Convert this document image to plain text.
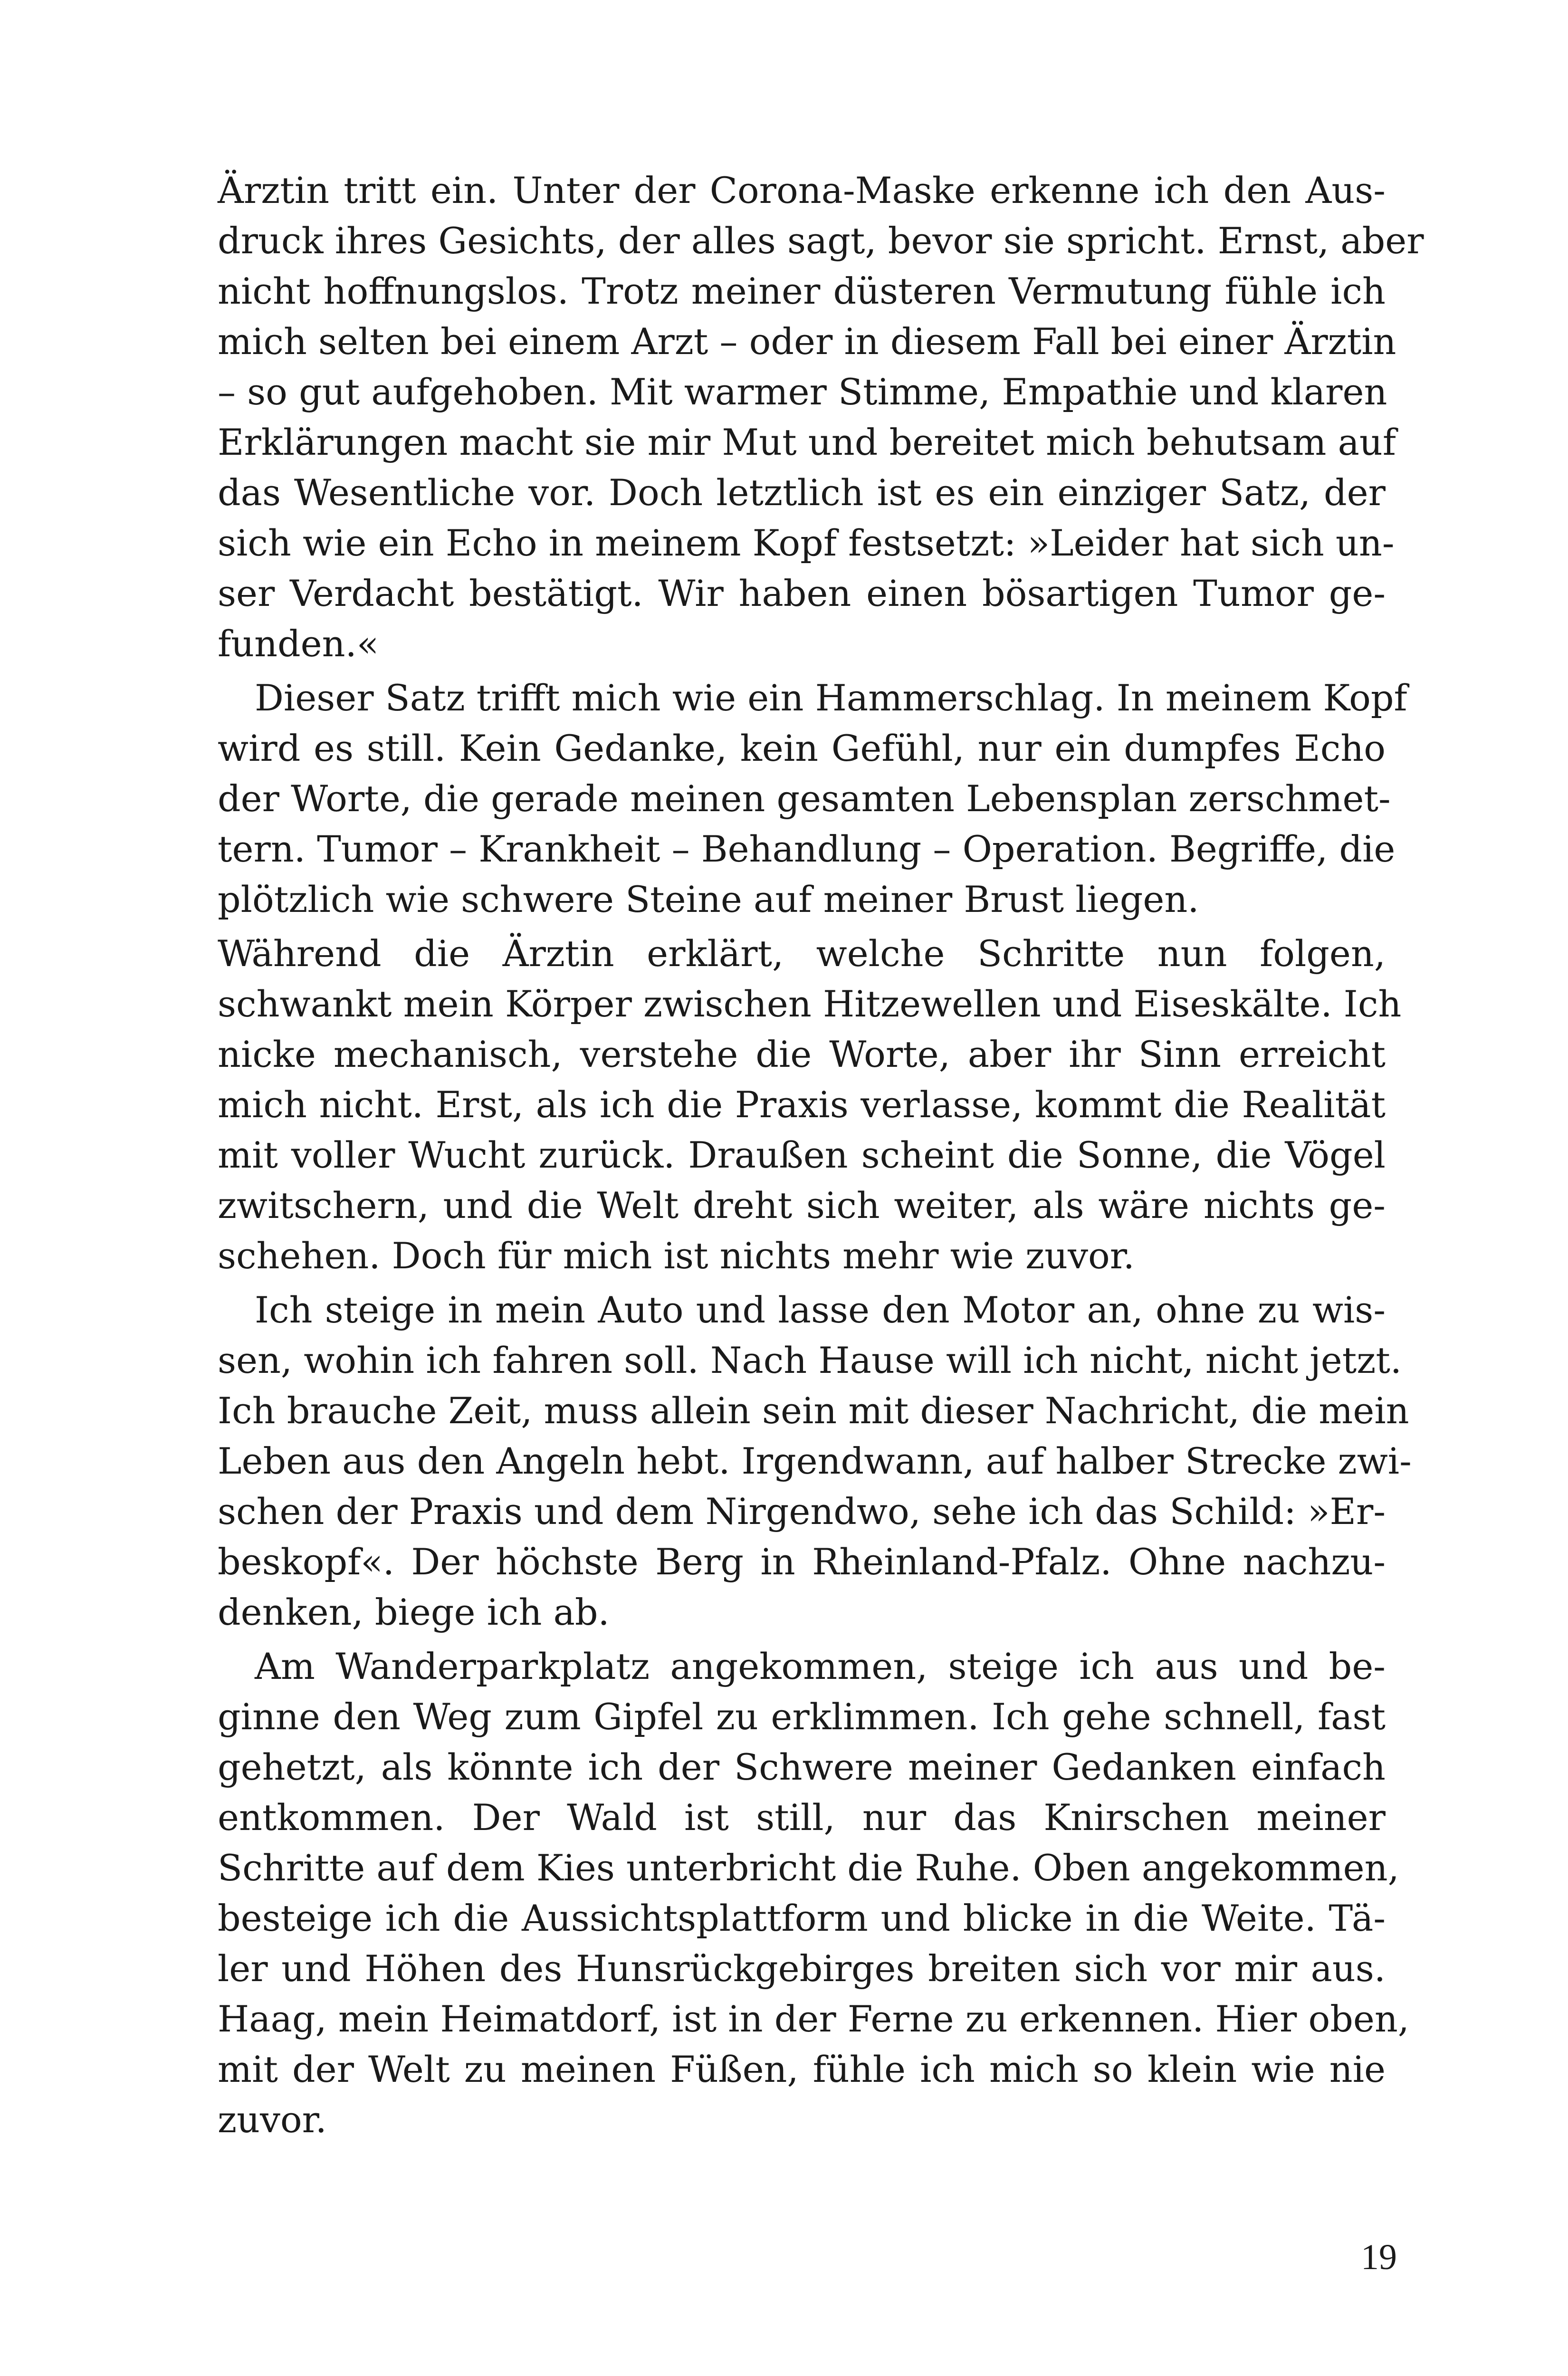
Ärztin tritt ein. Unter der Corona-Maske erkenne ich den Aus-
druck ihres Gesichts, der alles sagt, bevor sie spricht. Ernst, aber
nicht hoffnungslos. Trotz meiner düsteren Vermutung fühle ich
mich selten bei einem Arzt – oder in diesem Fall bei einer Ärztin
– so gut aufgehoben. Mit warmer Stimme, Empathie und klaren
Erklärungen macht sie mir Mut und bereitet mich behutsam auf
das Wesentliche vor. Doch letztlich ist es ein einziger Satz, der
sich wie ein Echo in meinem Kopf festsetzt: »Leider hat sich un-
ser Verdacht bestätigt. Wir haben einen bösartigen Tumor ge-
funden.«
Dieser Satz trifft mich wie ein Hammerschlag. In meinem Kopf
wird es still. Kein Gedanke, kein Gefühl, nur ein dumpfes Echo
der Worte, die gerade meinen gesamten Lebensplan zerschmet-
tern. Tumor – Krankheit – Behandlung – Operation. Begriffe, die
plötzlich wie schwere Steine auf meiner Brust liegen.
Während die Ärztin erklärt, welche Schritte nun folgen,
schwankt mein Körper zwischen Hitzewellen und Eiseskälte. Ich
nicke mechanisch, verstehe die Worte, aber ihr Sinn erreicht
mich nicht. Erst, als ich die Praxis verlasse, kommt die Realität
mit voller Wucht zurück. Draußen scheint die Sonne, die Vögel
zwitschern, und die Welt dreht sich weiter, als wäre nichts ge-
schehen. Doch für mich ist nichts mehr wie zuvor.
Ich steige in mein Auto und lasse den Motor an, ohne zu wis-
sen, wohin ich fahren soll. Nach Hause will ich nicht, nicht jetzt.
Ich brauche Zeit, muss allein sein mit dieser Nachricht, die mein
Leben aus den Angeln hebt. Irgendwann, auf halber Strecke zwi-
schen der Praxis und dem Nirgendwo, sehe ich das Schild: »Er-
beskopf«. Der höchste Berg in Rheinland-Pfalz. Ohne nachzu-
denken, biege ich ab.
Am Wanderparkplatz angekommen, steige ich aus und be-
ginne den Weg zum Gipfel zu erklimmen. Ich gehe schnell, fast
gehetzt, als könnte ich der Schwere meiner Gedanken einfach
entkommen. Der Wald ist still, nur das Knirschen meiner
Schritte auf dem Kies unterbricht die Ruhe. Oben angekommen,
besteige ich die Aussichtsplattform und blicke in die Weite. Tä-
ler und Höhen des Hunsrückgebirges breiten sich vor mir aus.
Haag, mein Heimatdorf, ist in der Ferne zu erkennen. Hier oben,
mit der Welt zu meinen Füßen, fühle ich mich so klein wie nie
zuvor.
19
